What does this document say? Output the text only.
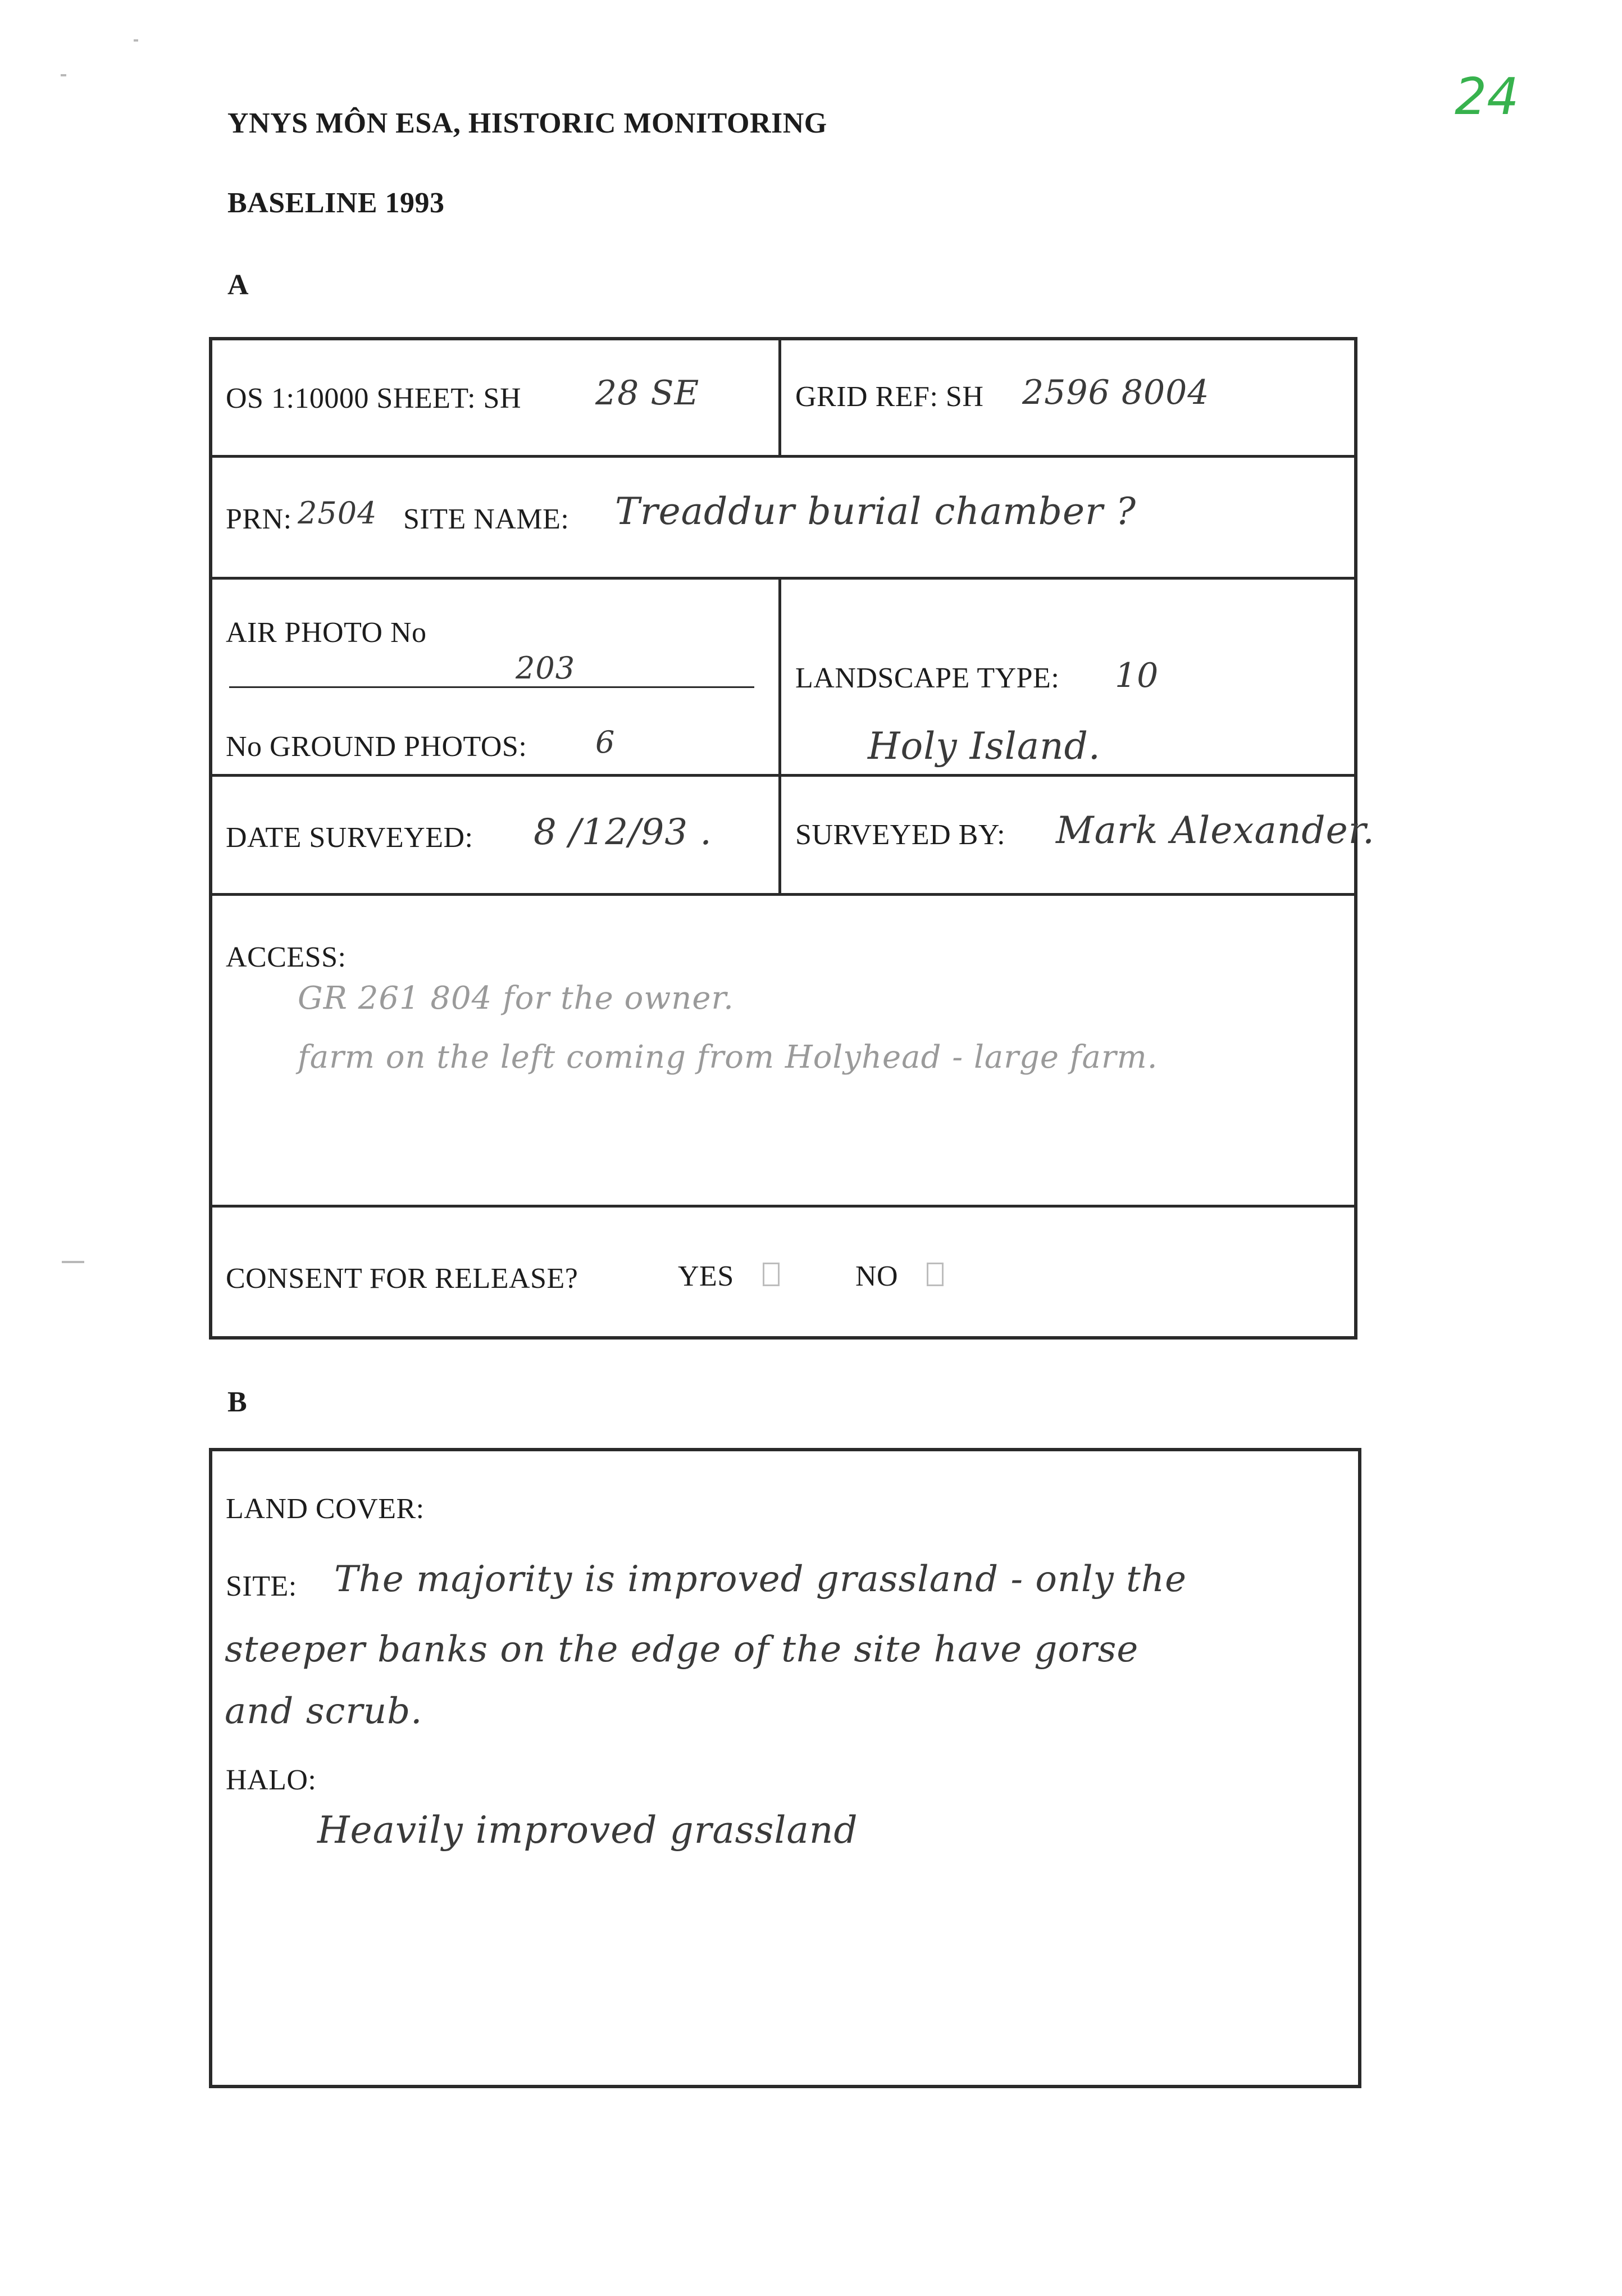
24
YNYS MÔN ESA, HISTORIC MONITORING
BASELINE 1993
A
OS 1:10000 SHEET: SH 28 SE	GRID REF: SH 2596 8004
PRN: 2504 SITE NAME: Treaddur burial chamber ?
AIR PHOTO No
203
No GROUND PHOTOS: 6
LANDSCAPE TYPE: 10
Holy Island.
DATE SURVEYED: 8 /12/93 .	SURVEYED BY: Mark Alexander.
ACCESS:
GR 261 804 for the owner.
farm on the left coming from Holyhead - large farm.
CONSENT FOR RELEASE?	YES	NO
B
LAND COVER:
SITE: The majority is improved grassland - only the
steeper banks on the edge of the site have gorse
and scrub.
HALO:
Heavily improved grassland
